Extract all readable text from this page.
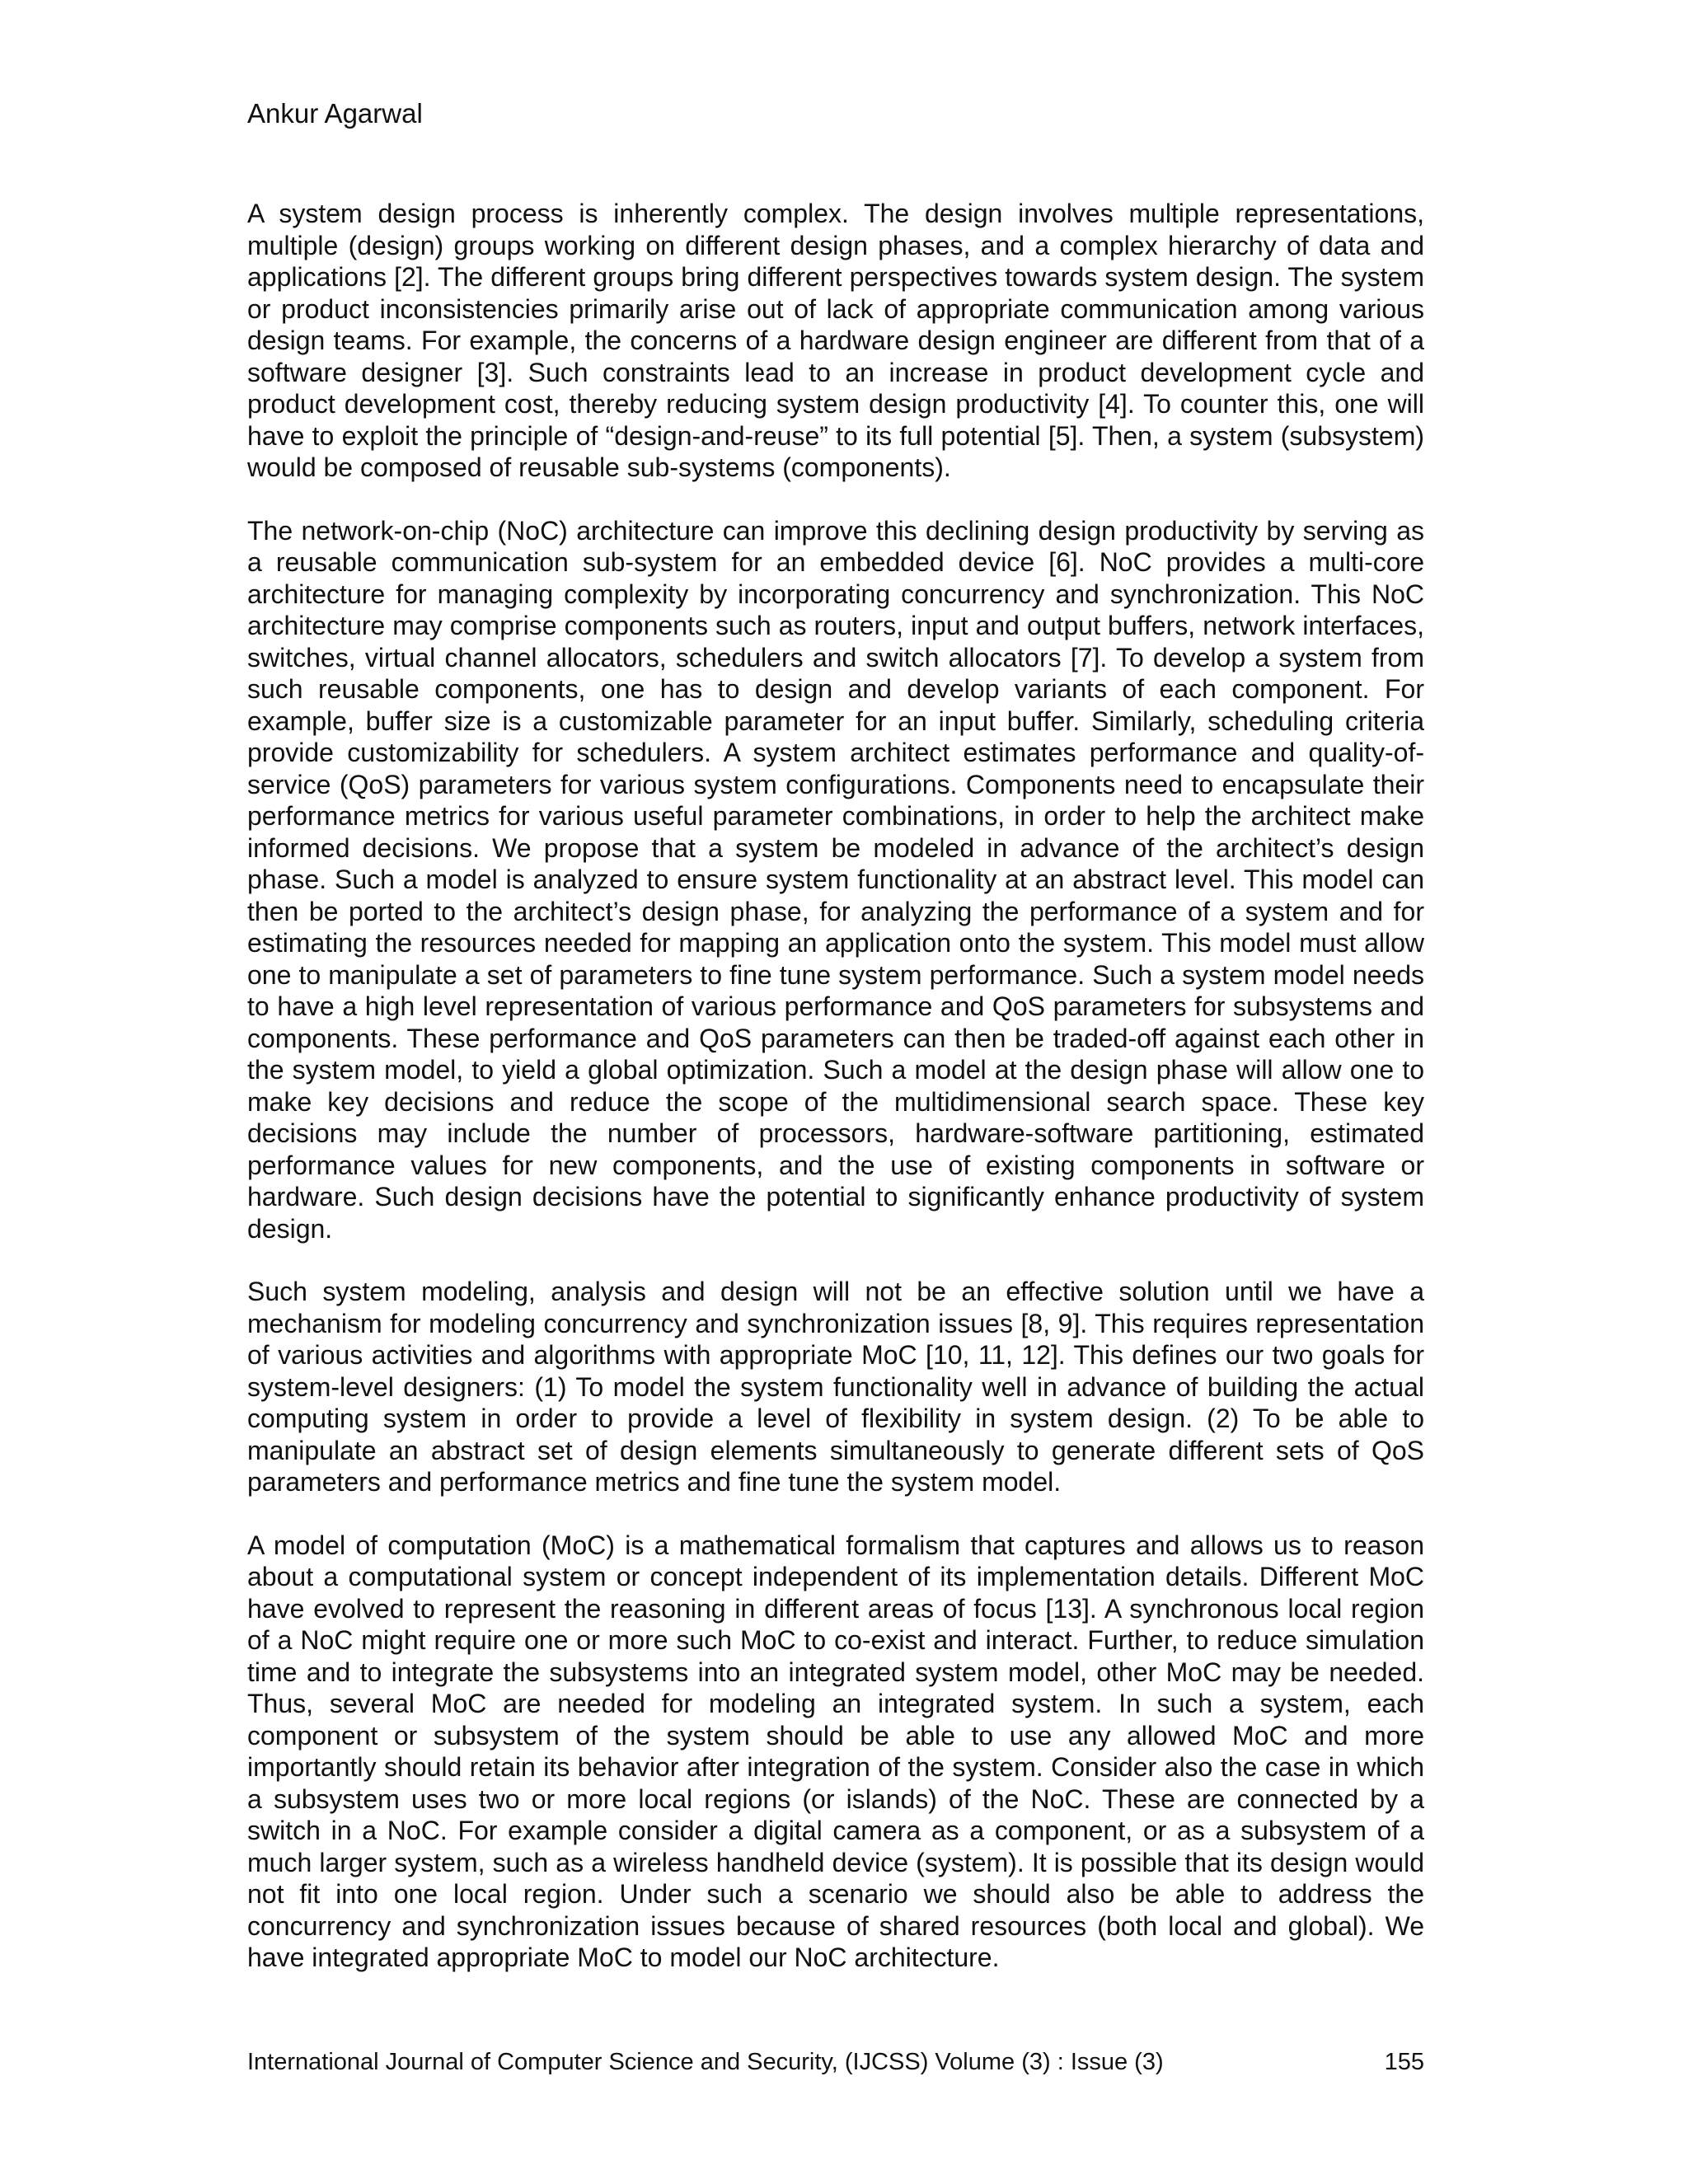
Ankur Agarwal

A system design process is inherently complex. The design involves multiple representations, multiple (design) groups working on different design phases, and a complex hierarchy of data and applications [2]. The different groups bring different perspectives towards system design. The system or product inconsistencies primarily arise out of lack of appropriate communication among various design teams. For example, the concerns of a hardware design engineer are different from that of a software designer [3]. Such constraints lead to an increase in product development cycle and product development cost, thereby reducing system design productivity [4]. To counter this, one will have to exploit the principle of “design-and-reuse” to its full potential [5]. Then, a system (subsystem) would be composed of reusable sub-systems (components).

The network-on-chip (NoC) architecture can improve this declining design productivity by serving as a reusable communication sub-system for an embedded device [6]. NoC provides a multi-core architecture for managing complexity by incorporating concurrency and synchronization. This NoC architecture may comprise components such as routers, input and output buffers, network interfaces, switches, virtual channel allocators, schedulers and switch allocators [7]. To develop a system from such reusable components, one has to design and develop variants of each component. For example, buffer size is a customizable parameter for an input buffer. Similarly, scheduling criteria provide customizability for schedulers. A system architect estimates performance and quality-of-service (QoS) parameters for various system configurations. Components need to encapsulate their performance metrics for various useful parameter combinations, in order to help the architect make informed decisions. We propose that a system be modeled in advance of the architect’s design phase. Such a model is analyzed to ensure system functionality at an abstract level. This model can then be ported to the architect’s design phase, for analyzing the performance of a system and for estimating the resources needed for mapping an application onto the system. This model must allow one to manipulate a set of parameters to fine tune system performance. Such a system model needs to have a high level representation of various performance and QoS parameters for subsystems and components. These performance and QoS parameters can then be traded-off against each other in the system model, to yield a global optimization. Such a model at the design phase will allow one to make key decisions and reduce the scope of the multidimensional search space. These key decisions may include the number of processors, hardware-software partitioning, estimated performance values for new components, and the use of existing components in software or hardware. Such design decisions have the potential to significantly enhance productivity of system design.

Such system modeling, analysis and design will not be an effective solution until we have a mechanism for modeling concurrency and synchronization issues [8, 9]. This requires representation of various activities and algorithms with appropriate MoC [10, 11, 12]. This defines our two goals for system-level designers: (1) To model the system functionality well in advance of building the actual computing system in order to provide a level of flexibility in system design. (2) To be able to manipulate an abstract set of design elements simultaneously to generate different sets of QoS parameters and performance metrics and fine tune the system model.

A model of computation (MoC) is a mathematical formalism that captures and allows us to reason about a computational system or concept independent of its implementation details. Different MoC have evolved to represent the reasoning in different areas of focus [13]. A synchronous local region of a NoC might require one or more such MoC to co-exist and interact. Further, to reduce simulation time and to integrate the subsystems into an integrated system model, other MoC may be needed. Thus, several MoC are needed for modeling an integrated system. In such a system, each component or subsystem of the system should be able to use any allowed MoC and more importantly should retain its behavior after integration of the system. Consider also the case in which a subsystem uses two or more local regions (or islands) of the NoC. These are connected by a switch in a NoC. For example consider a digital camera as a component, or as a subsystem of a much larger system, such as a wireless handheld device (system). It is possible that its design would not fit into one local region. Under such a scenario we should also be able to address the concurrency and synchronization issues because of shared resources (both local and global). We have integrated appropriate MoC to model our NoC architecture.

International Journal of Computer Science and Security, (IJCSS) Volume (3) : Issue (3)	155
